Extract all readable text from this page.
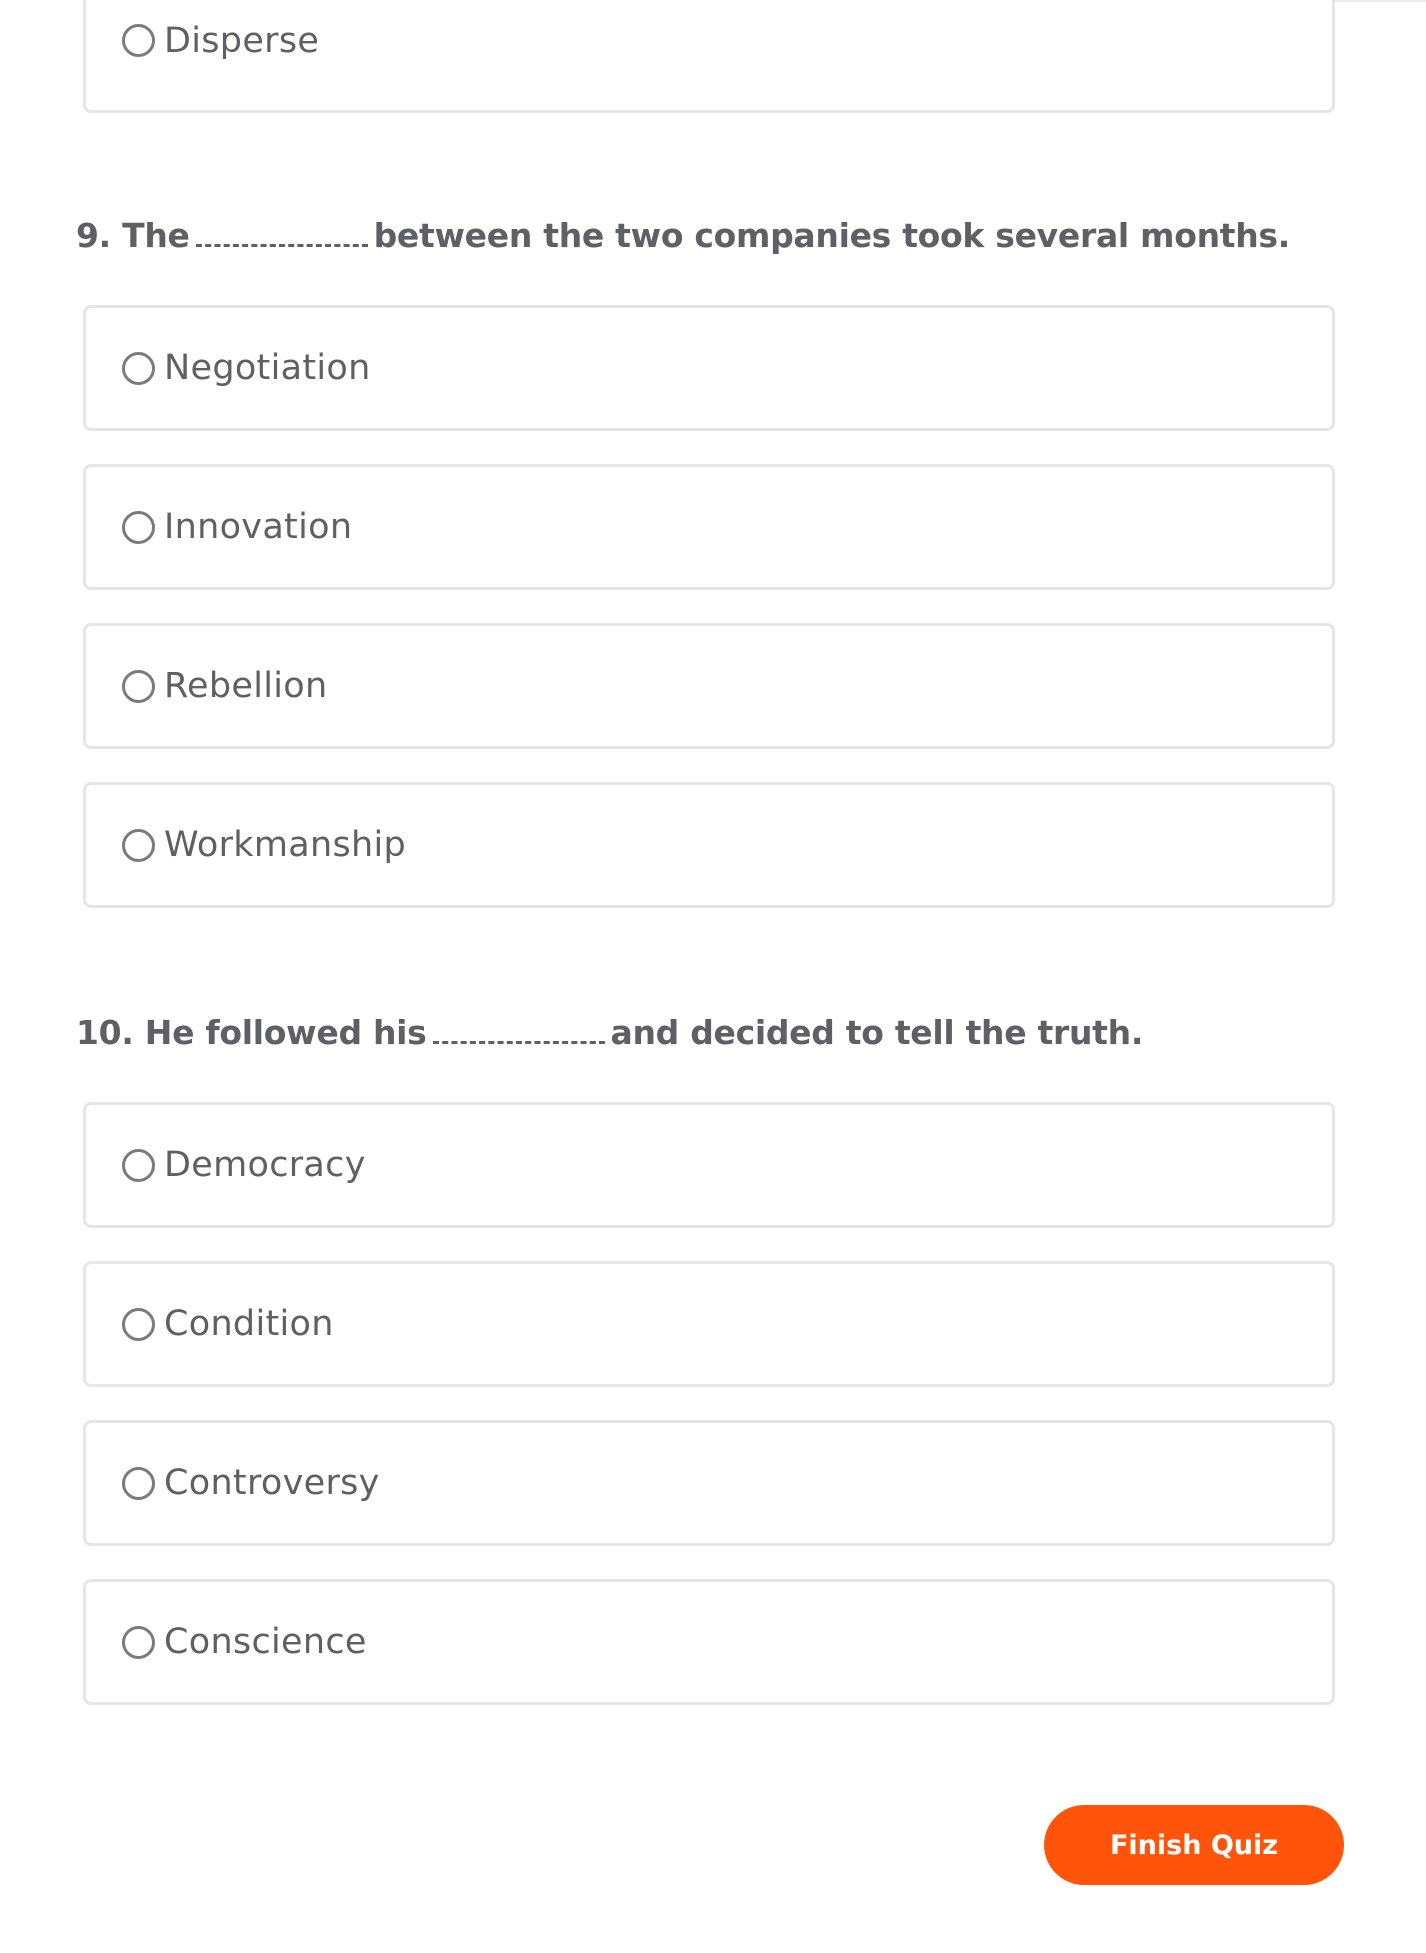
Disperse
9. The	between the two companies took several months.
Negotiation
Innovation
Rebellion
Workmanship
10. He followed his	and decided to tell the truth.
Democracy
Condition
Controversy
Conscience
Finish Quiz
